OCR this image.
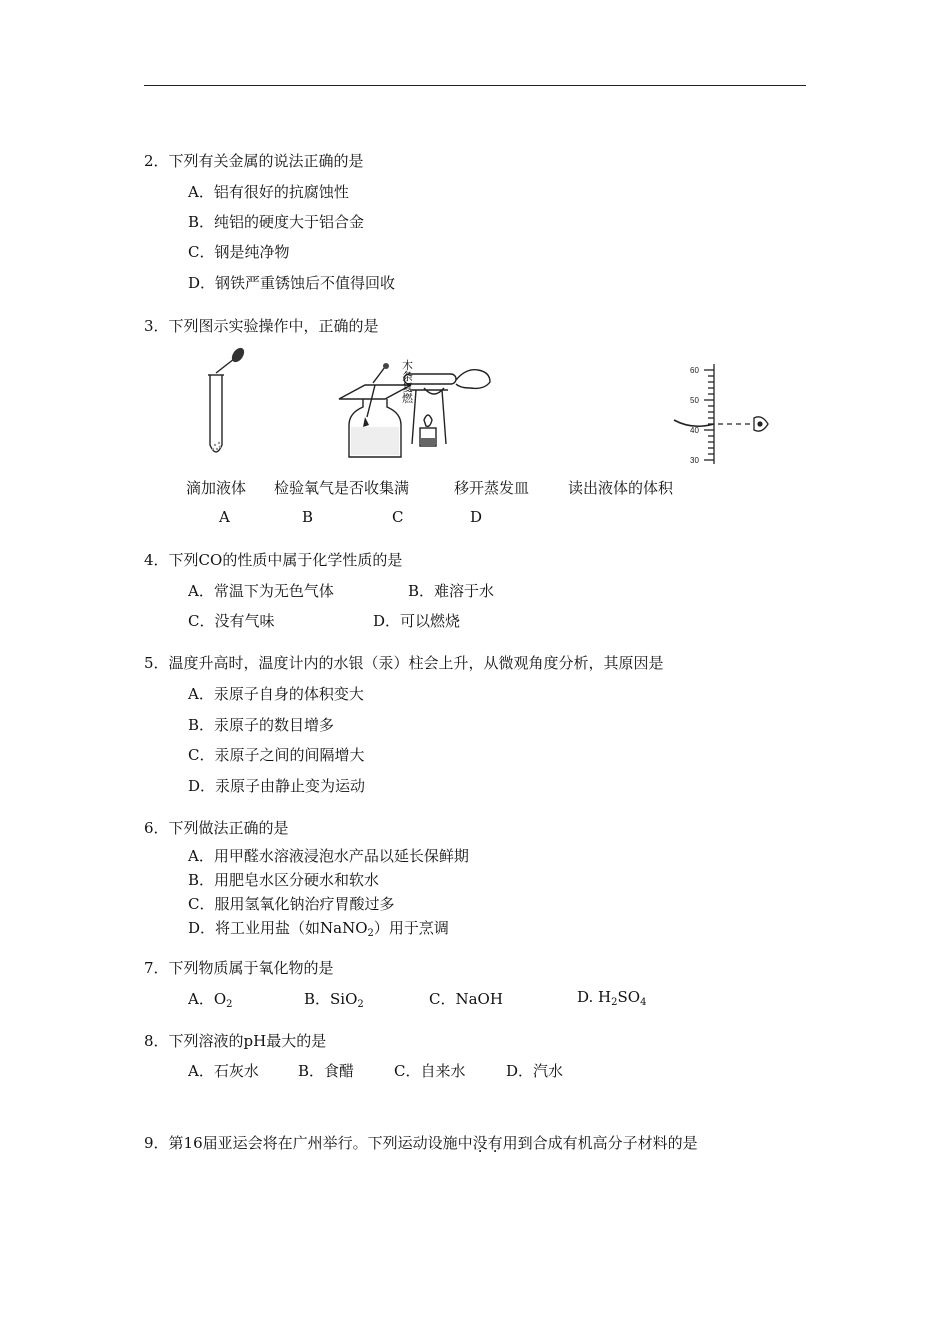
2．下列有关金属的说法正确的是
A．铝有很好的抗腐蚀性
B．纯铝的硬度大于铝合金
C．钢是纯净物
D．钢铁严重锈蚀后不值得回收
3．下列图示实验操作中，正确的是
木条复燃
60
50
40
30
滴加液体 检验氧气是否收集满	移开蒸发皿	读出液体的体积
A	B	C	D
4．下列CO的性质中属于化学性质的是
A．常温下为无色气体	B．难溶于水
C．没有气味	D．可以燃烧
5．温度升高时，温度计内的水银（汞）柱会上升，从微观角度分析，其原因是
A．汞原子自身的体积变大
B．汞原子的数目增多
C．汞原子之间的间隔增大
D．汞原子由静止变为运动
6．下列做法正确的是
A．用甲醛水溶液浸泡水产品以延长保鲜期
B．用肥皂水区分硬水和软水
C．服用氢氧化钠治疗胃酸过多
D．将工业用盐（如NaNO$_2$）用于烹调
7．下列物质属于氧化物的是
A．$O_2$	B．SiO$_2$	C．NaOH	D. $H_2SO_4$
8．下列溶液的pH最大的是
A．石灰水	B．食醋	C．自来水	D．汽水
9．第16届亚运会将在广州举行。下列运动设施中没有用到合成有机高分子材料的是
